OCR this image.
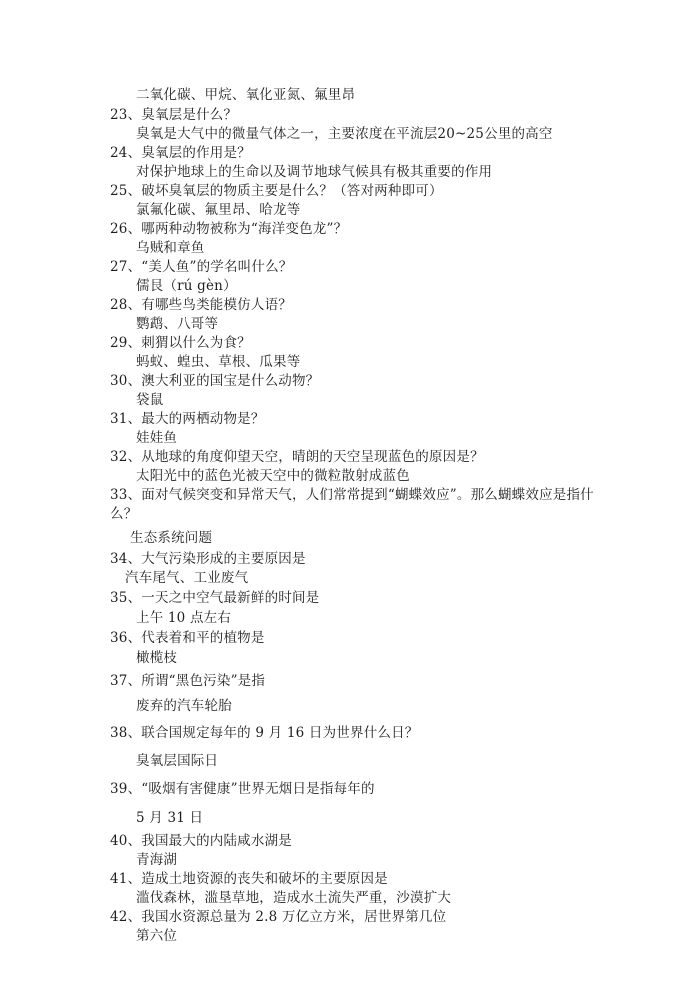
二氧化碳、甲烷、氧化亚氮、氟里昂
23、臭氧层是什么？
臭氧是大气中的微量气体之一，主要浓度在平流层20~25公里的高空
24、臭氧层的作用是？
对保护地球上的生命以及调节地球气候具有极其重要的作用
25、破坏臭氧层的物质主要是什么？（答对两种即可）
氯氟化碳、氟里昂、哈龙等
26、哪两种动物被称为“海洋变色龙”？
乌贼和章鱼
27、“美人鱼”的学名叫什么？
儒艮（rú gèn）
28、有哪些鸟类能模仿人语？
鹦鹉、八哥等
29、刺猬以什么为食？
蚂蚁、蝗虫、草根、瓜果等
30、澳大利亚的国宝是什么动物？
袋鼠
31、最大的两栖动物是？
娃娃鱼
32、从地球的角度仰望天空，晴朗的天空呈现蓝色的原因是？
太阳光中的蓝色光被天空中的微粒散射成蓝色
33、面对气候突变和异常天气，人们常常提到“蝴蝶效应”。那么蝴蝶效应是指什么？
生态系统问题
34、大气污染形成的主要原因是
汽车尾气、工业废气
35、一天之中空气最新鲜的时间是
上午 10 点左右
36、代表着和平的植物是
橄榄枝
37、所谓“黑色污染”是指
废弃的汽车轮胎
38、联合国规定每年的 9 月 16 日为世界什么日？
臭氧层国际日
39、“吸烟有害健康”世界无烟日是指每年的
5 月 31 日
40、我国最大的内陆咸水湖是
青海湖
41、造成土地资源的丧失和破坏的主要原因是
滥伐森林，滥垦草地，造成水土流失严重，沙漠扩大
42、我国水资源总量为 2.8 万亿立方米，居世界第几位
第六位
